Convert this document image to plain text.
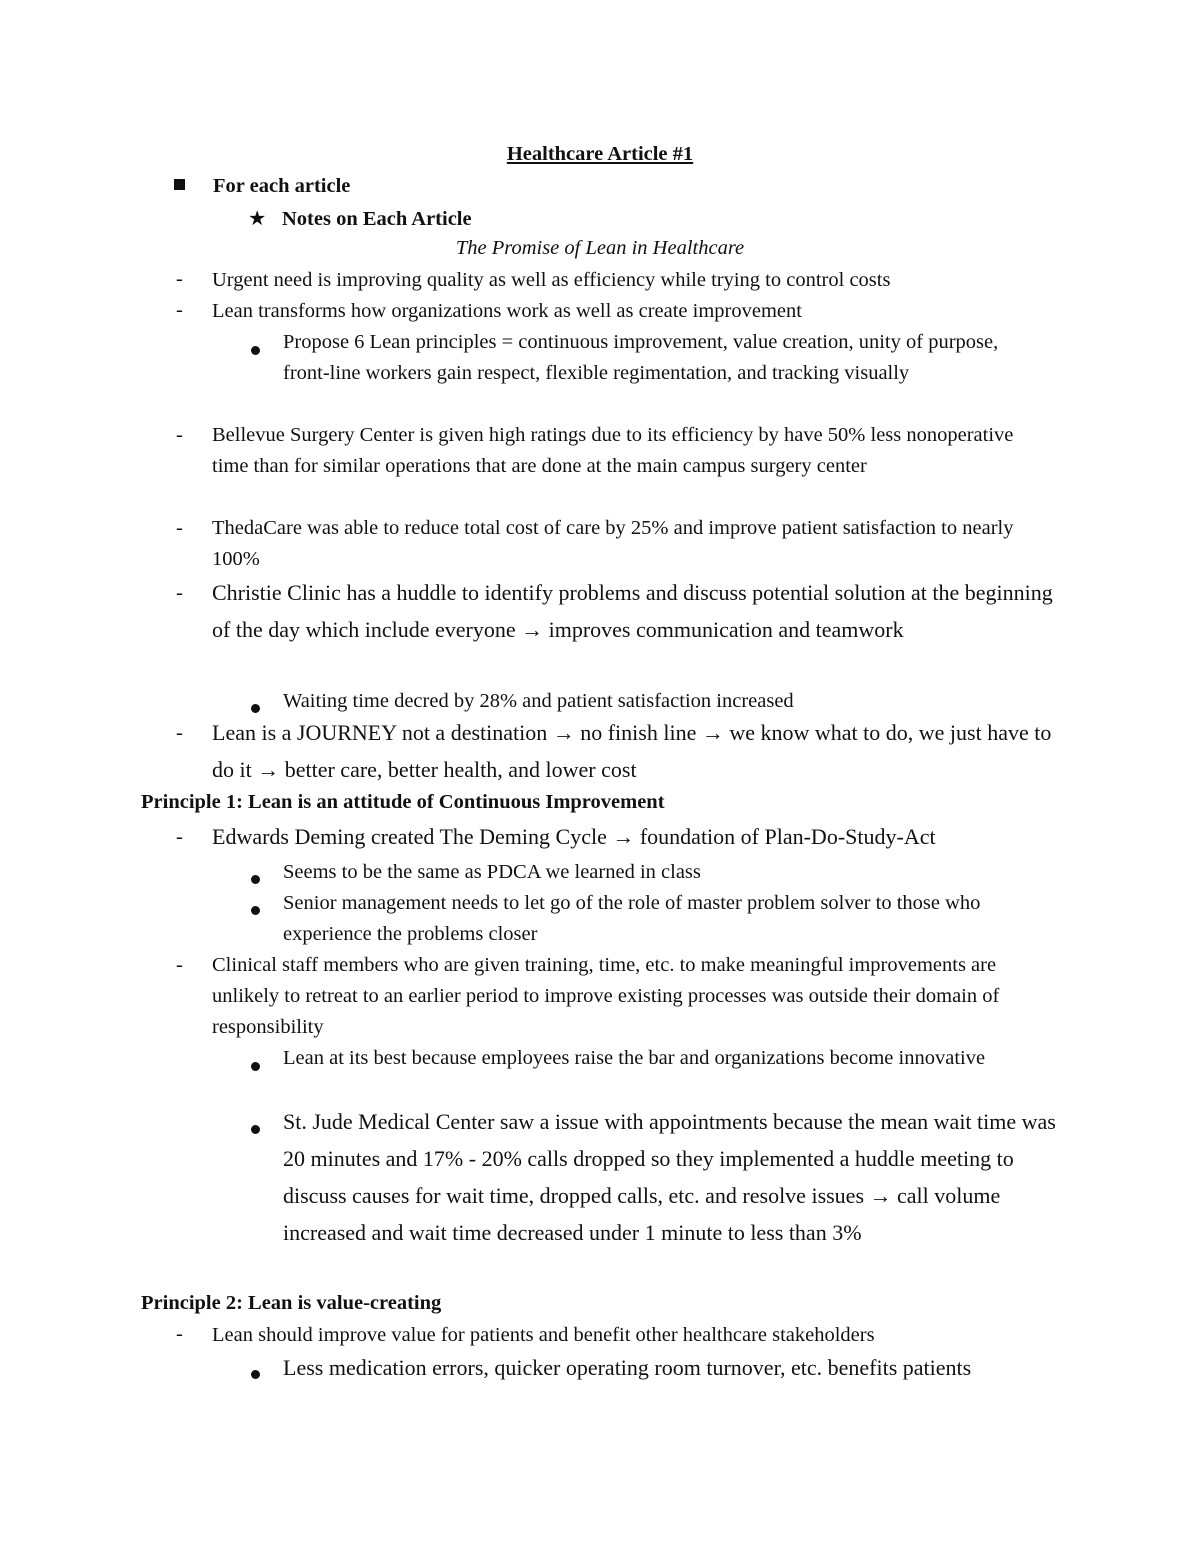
Healthcare Article #1
For each article
★ Notes on Each Article
The Promise of Lean in Healthcare
- Urgent need is improving quality as well as efficiency while trying to control costs
- Lean transforms how organizations work as well as create improvement
Propose 6 Lean principles = continuous improvement, value creation, unity of purpose, front-line workers gain respect, flexible regimentation, and tracking visually
- Bellevue Surgery Center is given high ratings due to its efficiency by have 50% less nonoperative time than for similar operations that are done at the main campus surgery center
- ThedaCare was able to reduce total cost of care by 25% and improve patient satisfaction to nearly 100%
- Christie Clinic has a huddle to identify problems and discuss potential solution at the beginning of the day which include everyone → improves communication and teamwork
Waiting time decred by 28% and patient satisfaction increased
- Lean is a JOURNEY not a destination → no finish line → we know what to do, we just have to do it → better care, better health, and lower cost
Principle 1: Lean is an attitude of Continuous Improvement
- Edwards Deming created The Deming Cycle → foundation of Plan-Do-Study-Act
Seems to be the same as PDCA we learned in class
Senior management needs to let go of the role of master problem solver to those who experience the problems closer
- Clinical staff members who are given training, time, etc. to make meaningful improvements are unlikely to retreat to an earlier period to improve existing processes was outside their domain of responsibility
Lean at its best because employees raise the bar and organizations become innovative
St. Jude Medical Center saw a issue with appointments because the mean wait time was 20 minutes and 17% - 20% calls dropped so they implemented a huddle meeting to discuss causes for wait time, dropped calls, etc. and resolve issues → call volume increased and wait time decreased under 1 minute to less than 3%
Principle 2: Lean is value-creating
- Lean should improve value for patients and benefit other healthcare stakeholders
Less medication errors, quicker operating room turnover, etc. benefits patients
